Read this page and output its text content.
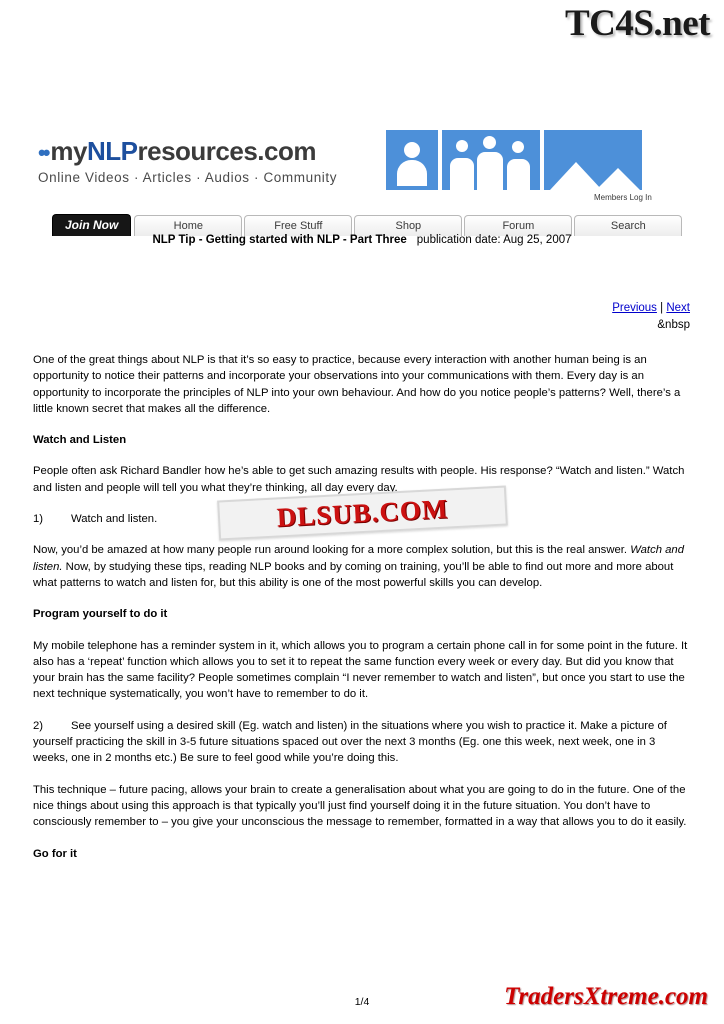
TC4S.net
•• myNLPresources.com
Online Videos · Articles · Audios · Community
Members Log In
Join Now	Home	Free Stuff	Shop	Forum	Search
NLP Tip - Getting started with NLP - Part Three publication date: Aug 25, 2007
Previous | Next
&nbsp

One of the great things about NLP is that it’s so easy to practice, because every interaction with another human being is an opportunity to notice their patterns and incorporate your observations into your communications with them. Every day is an opportunity to incorporate the principles of NLP into your own behaviour. And how do you notice people’s patterns? Well, there’s a little known secret that makes all the difference.

Watch and Listen

People often ask Richard Bandler how he’s able to get such amazing results with people. His response? “Watch and listen.” Watch and listen and people will tell you what they’re thinking, all day every day.

1) Watch and listen.

Now, you’d be amazed at how many people run around looking for a more complex solution, but this is the real answer. Watch and listen. Now, by studying these tips, reading NLP books and by coming on training, you’ll be able to find out more and more about what patterns to watch and listen for, but this ability is one of the most powerful skills you can develop.

Program yourself to do it

My mobile telephone has a reminder system in it, which allows you to program a certain phone call in for some point in the future. It also has a ‘repeat’ function which allows you to set it to repeat the same function every week or every day. But did you know that your brain has the same facility? People sometimes complain “I never remember to watch and listen”, but once you start to use the next technique systematically, you won’t have to remember to do it.

2) See yourself using a desired skill (Eg. watch and listen) in the situations where you wish to practice it. Make a picture of yourself practicing the skill in 3-5 future situations spaced out over the next 3 months (Eg. one this week, next week, one in 3 weeks, one in 2 months etc.) Be sure to feel good while you’re doing this.

This technique – future pacing, allows your brain to create a generalisation about what you are going to do in the future. One of the nice things about using this approach is that typically you’ll just find yourself doing it in the future situation. You don’t have to consciously remember to – you give your unconscious the message to remember, formatted in a way that allows you to do it easily.

Go for it
DLSUB.COM
1/4	TradersXtreme.com
